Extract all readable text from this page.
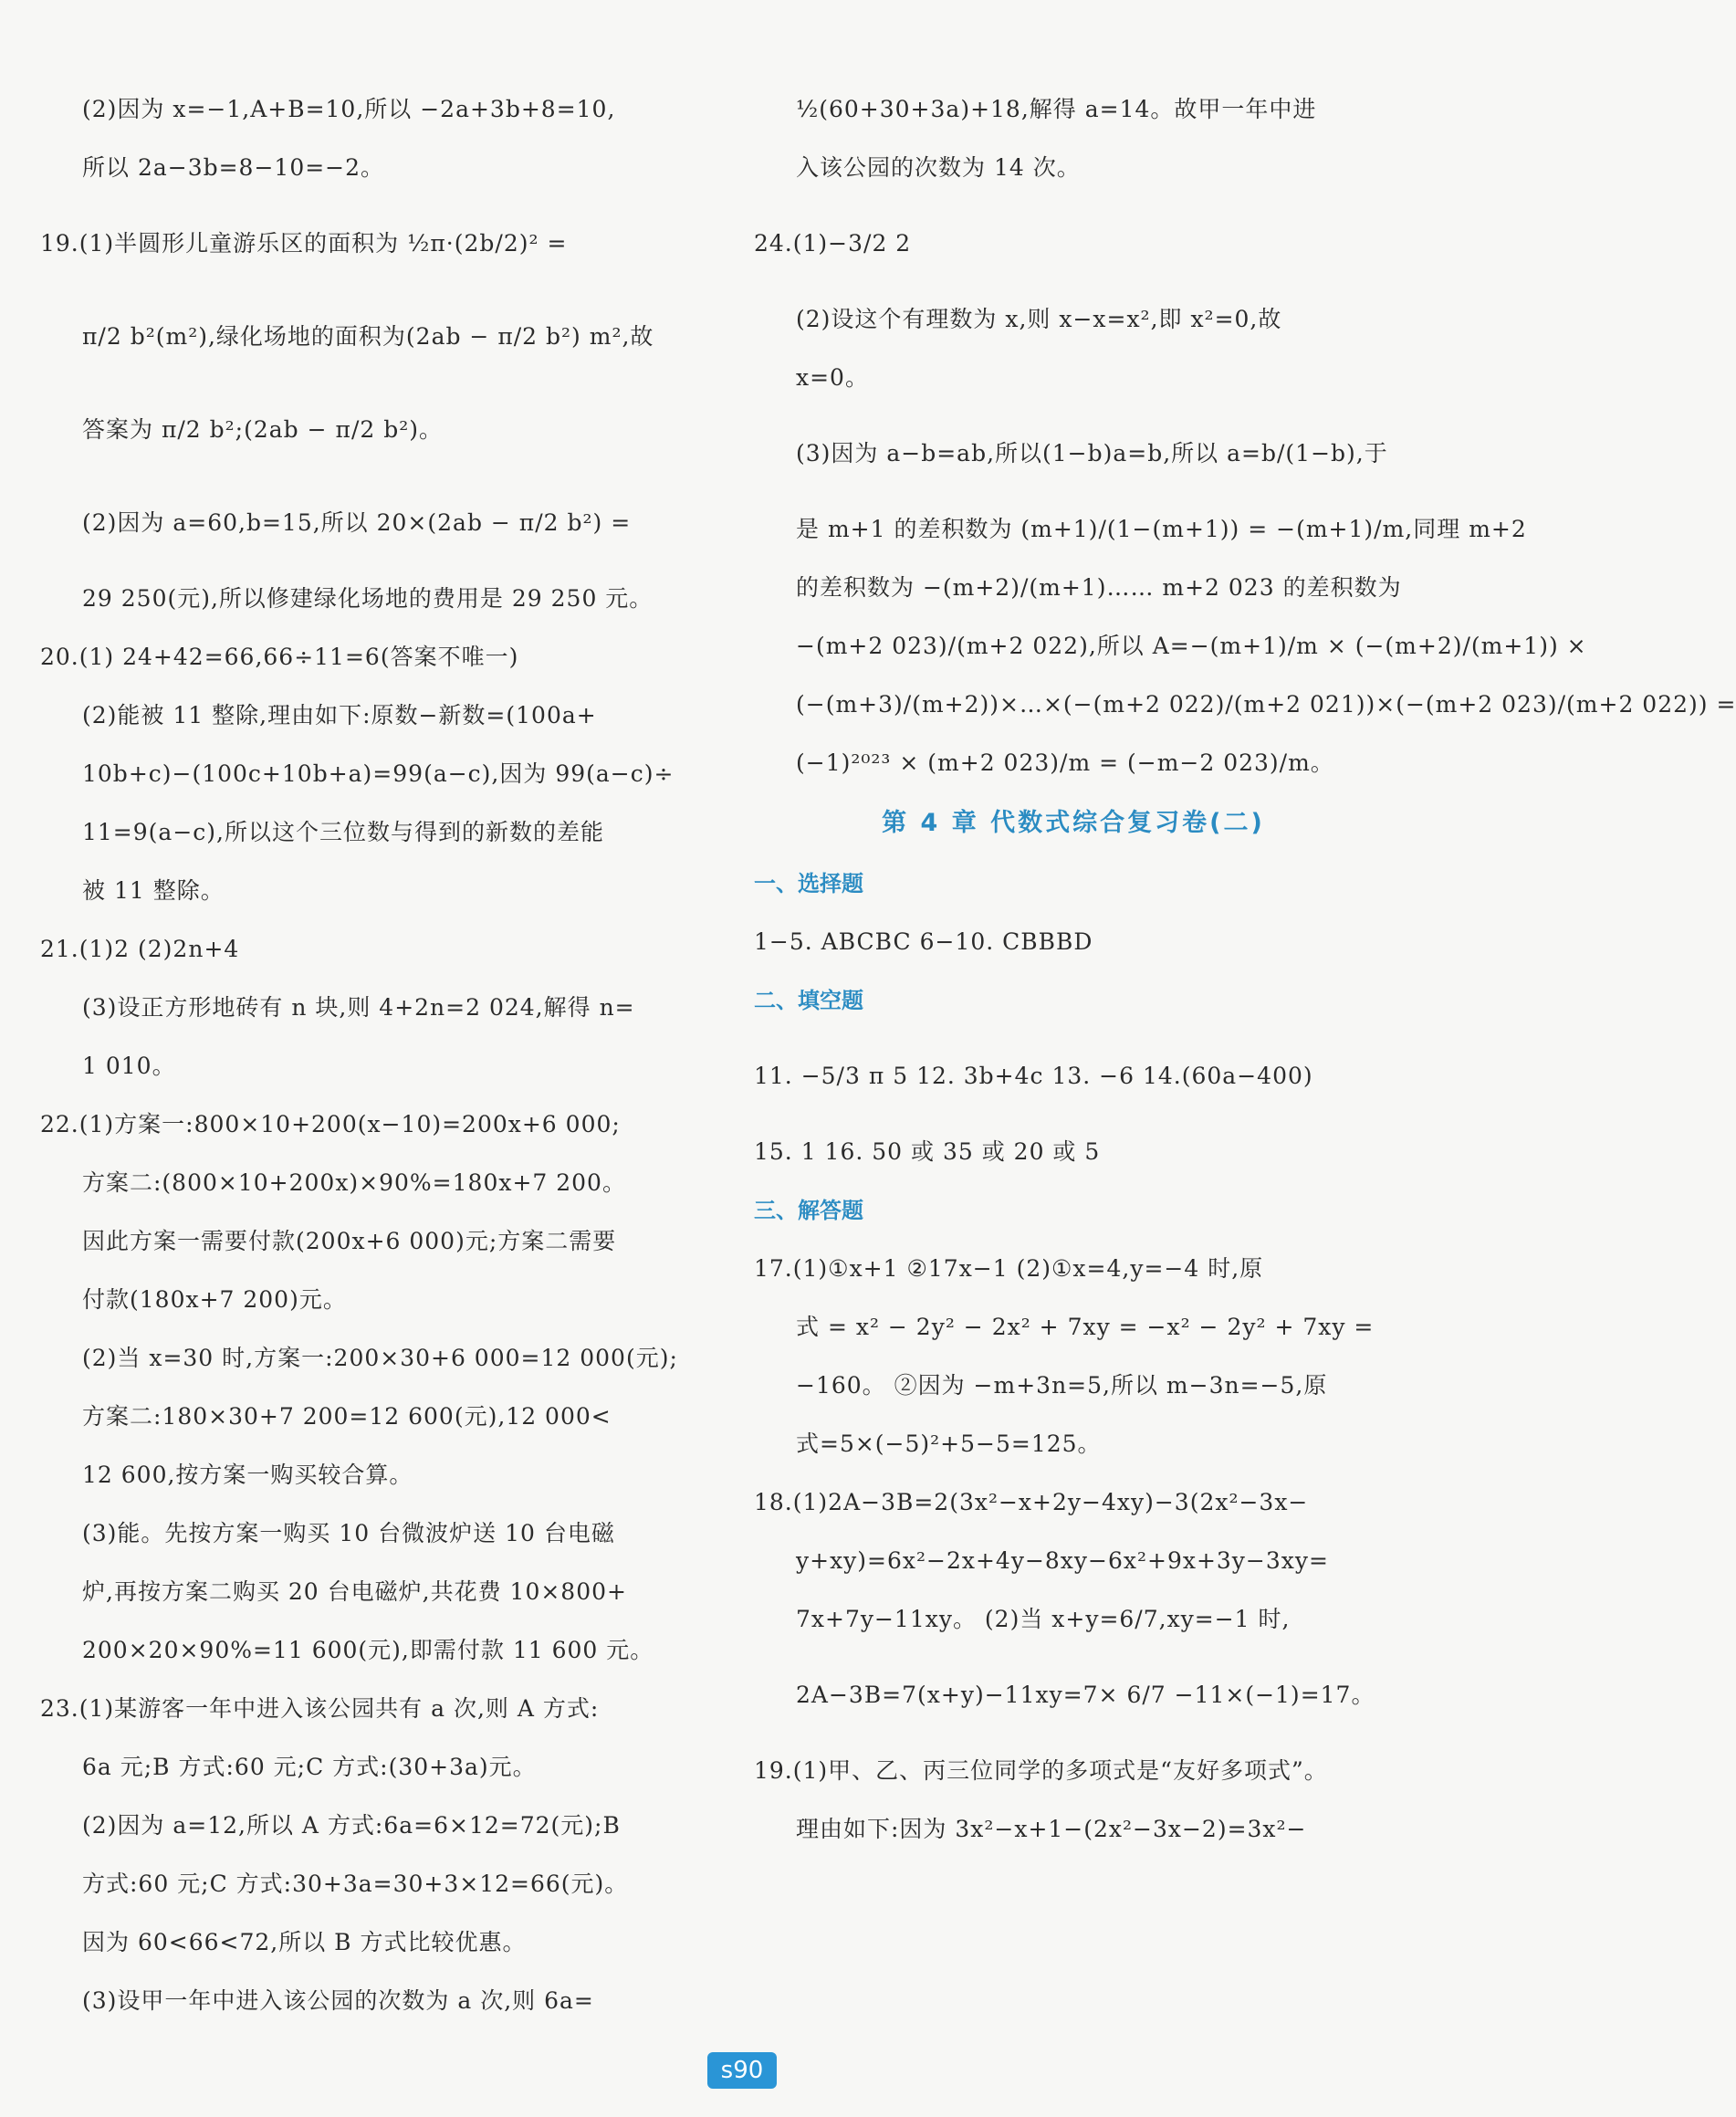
(2)因为 x=−1,A+B=10,所以 −2a+3b+8=10,
所以 2a−3b=8−10=−2。
19.(1)半圆形儿童游乐区的面积为 ½π·(2b/2)² =
π/2 b²(m²),绿化场地的面积为(2ab − π/2 b²) m²,故
答案为 π/2 b²;(2ab − π/2 b²)。
(2)因为 a=60,b=15,所以 20×(2ab − π/2 b²) =
29 250(元),所以修建绿化场地的费用是 29 250 元。
20.(1) 24+42=66,66÷11=6(答案不唯一)
(2)能被 11 整除,理由如下:原数−新数=(100a+
10b+c)−(100c+10b+a)=99(a−c),因为 99(a−c)÷
11=9(a−c),所以这个三位数与得到的新数的差能
被 11 整除。
21.(1)2 (2)2n+4
(3)设正方形地砖有 n 块,则 4+2n=2 024,解得 n=
1 010。
22.(1)方案一:800×10+200(x−10)=200x+6 000;
方案二:(800×10+200x)×90%=180x+7 200。
因此方案一需要付款(200x+6 000)元;方案二需要
付款(180x+7 200)元。
(2)当 x=30 时,方案一:200×30+6 000=12 000(元);
方案二:180×30+7 200=12 600(元),12 000<
12 600,按方案一购买较合算。
(3)能。先按方案一购买 10 台微波炉送 10 台电磁
炉,再按方案二购买 20 台电磁炉,共花费 10×800+
200×20×90%=11 600(元),即需付款 11 600 元。
23.(1)某游客一年中进入该公园共有 a 次,则 A 方式:
6a 元;B 方式:60 元;C 方式:(30+3a)元。
(2)因为 a=12,所以 A 方式:6a=6×12=72(元);B
方式:60 元;C 方式:30+3a=30+3×12=66(元)。
因为 60<66<72,所以 B 方式比较优惠。
(3)设甲一年中进入该公园的次数为 a 次,则 6a=
½(60+30+3a)+18,解得 a=14。故甲一年中进
入该公园的次数为 14 次。
24.(1)−3/2 2
(2)设这个有理数为 x,则 x−x=x²,即 x²=0,故
x=0。
(3)因为 a−b=ab,所以(1−b)a=b,所以 a=b/(1−b),于
是 m+1 的差积数为 (m+1)/(1−(m+1)) = −(m+1)/m,同理 m+2
的差积数为 −(m+2)/(m+1)…… m+2 023 的差积数为
−(m+2 023)/(m+2 022),所以 A=−(m+1)/m × (−(m+2)/(m+1)) ×
(−(m+3)/(m+2))×…×(−(m+2 022)/(m+2 021))×(−(m+2 023)/(m+2 022)) =
(−1)²⁰²³ × (m+2 023)/m = (−m−2 023)/m。
第 4 章 代数式综合复习卷(二)
一、选择题
1−5. ABCBC 6−10. CBBBD
二、填空题
11. −5/3 π 5 12. 3b+4c 13. −6 14.(60a−400)
15. 1 16. 50 或 35 或 20 或 5
三、解答题
17.(1)①x+1 ②17x−1 (2)①x=4,y=−4 时,原
式 = x² − 2y² − 2x² + 7xy = −x² − 2y² + 7xy =
−160。 ②因为 −m+3n=5,所以 m−3n=−5,原
式=5×(−5)²+5−5=125。
18.(1)2A−3B=2(3x²−x+2y−4xy)−3(2x²−3x−
y+xy)=6x²−2x+4y−8xy−6x²+9x+3y−3xy=
7x+7y−11xy。 (2)当 x+y=6/7,xy=−1 时,
2A−3B=7(x+y)−11xy=7× 6/7 −11×(−1)=17。
19.(1)甲、乙、丙三位同学的多项式是“友好多项式”。
理由如下:因为 3x²−x+1−(2x²−3x−2)=3x²−
s90
